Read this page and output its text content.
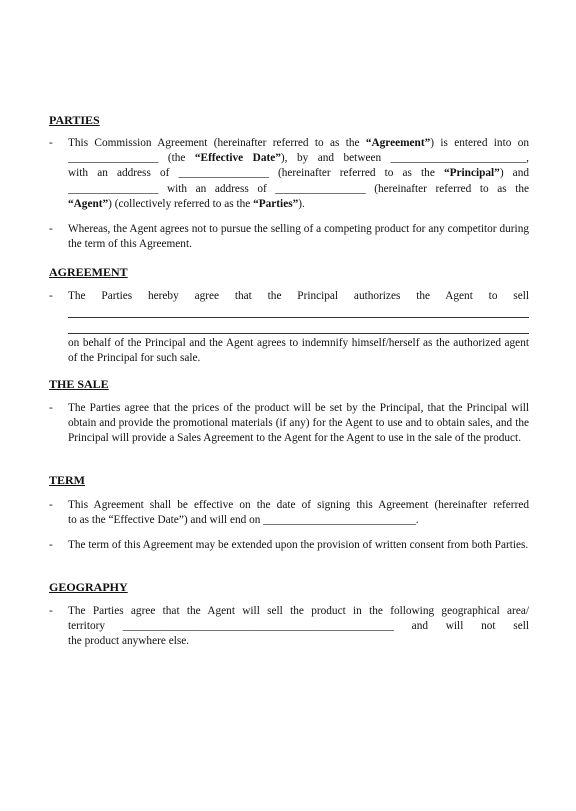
PARTIES
- This Commission Agreement (hereinafter referred to as the “Agreement”) is entered into on
________________ (the “Effective Date”), by and between ________________________,
with an address of ________________ (hereinafter referred to as the “Principal”) and
________________ with an address of ________________ (hereinafter referred to as the
“Agent”) (collectively referred to as the “Parties”).
- Whereas, the Agent agrees not to pursue the selling of a competing product for any competitor during the term of this Agreement.
AGREEMENT
- The Parties hereby agree that the Principal authorizes the Agent to sell
on behalf of the Principal and the Agent agrees to indemnify himself/herself as the authorized agent of the Principal for such sale.
THE SALE
- The Parties agree that the prices of the product will be set by the Principal, that the Principal will obtain and provide the promotional materials (if any) for the Agent to use and to obtain sales, and the Principal will provide a Sales Agreement to the Agent for the Agent to use in the sale of the product.
TERM
- This Agreement shall be effective on the date of signing this Agreement (hereinafter referred
to as the “Effective Date”) and will end on ___________________________.
- The term of this Agreement may be extended upon the provision of written consent from both Parties.
GEOGRAPHY
- The Parties agree that the Agent will sell the product in the following geographical area/
territory ________________________________________________ and will not sell
the product anywhere else.
